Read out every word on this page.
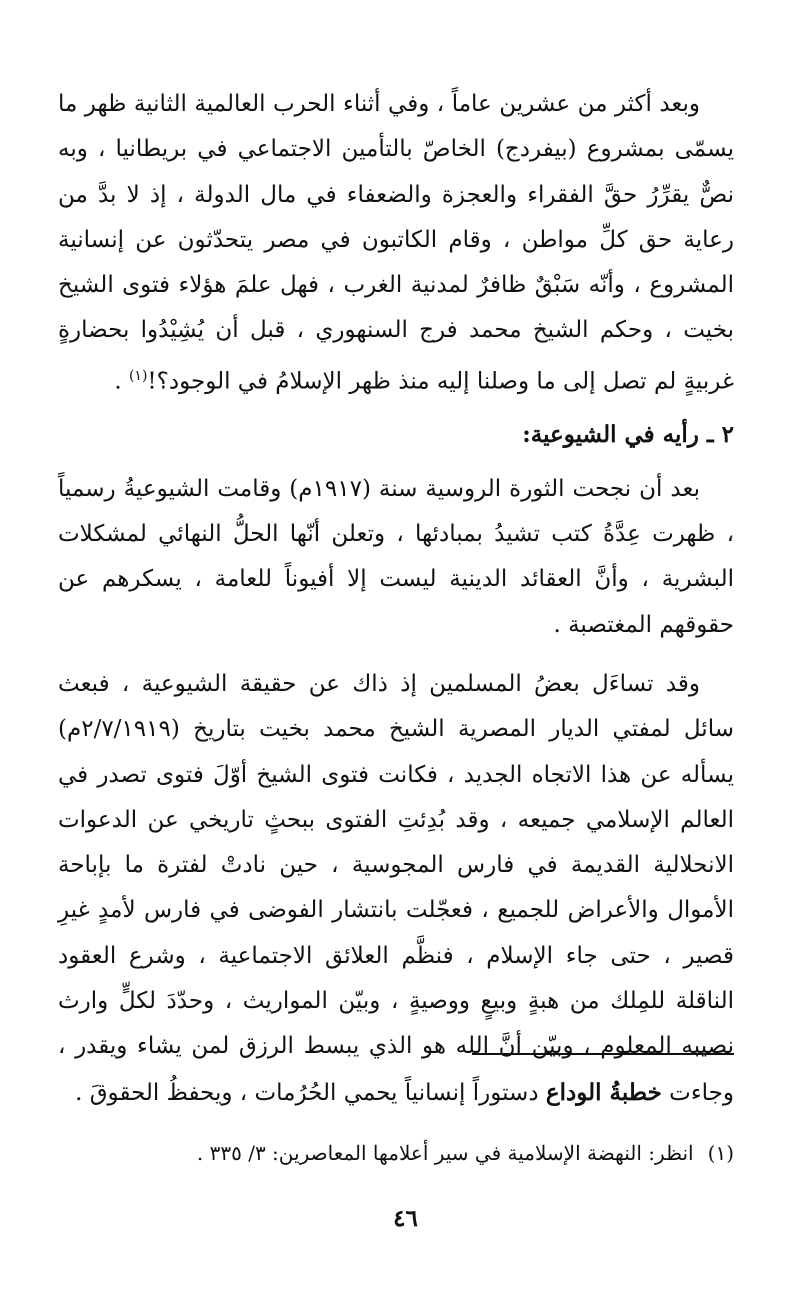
وبعد أكثر من عشرين عاماً ، وفي أثناء الحرب العالمية الثانية ظهر ما يسمّى بمشروع (بيفردج) الخاصّ بالتأمين الاجتماعي في بريطانيا ، وبه نصٌّ يقرِّرُ حقَّ الفقراء والعجزة والضعفاء في مال الدولة ، إذ لا بدَّ من رعاية حق كلِّ مواطن ، وقام الكاتبون في مصر يتحدّثون عن إنسانية المشروع ، وأنّه سَبْقٌ ظافرٌ لمدنية الغرب ، فهل علمَ هؤلاء فتوى الشيخ بخيت ، وحكم الشيخ محمد فرج السنهوري ، قبل أن يُشِيْدُوا بحضارةٍ غربيةٍ لم تصل إلى ما وصلنا إليه منذ ظهر الإسلامُ في الوجود؟!$^{(١)}$ .

٢ ـ رأيه في الشيوعية:

بعد أن نجحت الثورة الروسية سنة (١٩١٧م) وقامت الشيوعيةُ رسمياً ، ظهرت عِدَّةُ كتب تشيدُ بمبادئها ، وتعلن أنّها الحلُّ النهائي لمشكلات البشرية ، وأنَّ العقائد الدينية ليست إلا أفيوناً للعامة ، يسكرهم عن حقوقهم المغتصبة .

وقد تساءَل بعضُ المسلمين إذ ذاك عن حقيقة الشيوعية ، فبعث سائل لمفتي الديار المصرية الشيخ محمد بخيت بتاريخ (٢/٧/١٩١٩م) يسأله عن هذا الاتجاه الجديد ، فكانت فتوى الشيخ أوّلَ فتوى تصدر في العالم الإسلامي جميعه ، وقد بُدِئتِ الفتوى ببحثٍ تاريخي عن الدعوات الانحلالية القديمة في فارس المجوسية ، حين نادتْ لفترة ما بإباحة الأموال والأعراض للجميع ، فعجّلت بانتشار الفوضى في فارس لأمدٍ غيرِ قصير ، حتى جاء الإسلام ، فنظَّم العلائق الاجتماعية ، وشرع العقود الناقلة للمِلك من هبةٍ وبيعٍ ووصيةٍ ، وبيّن المواريث ، وحدّدَ لكلٍّ وارث نصيبه المعلوم ، وبيّن أنَّ الله هو الذي يبسط الرزق لمن يشاء ويقدر ، وجاءت خطبةُ الوداع دستوراً إنسانياً يحمي الحُرُمات ، ويحفظُ الحقوقَ .

(١)انظر: النهضة الإسلامية في سير أعلامها المعاصرين: ٣/ ٣٣٥ .

٤٦
